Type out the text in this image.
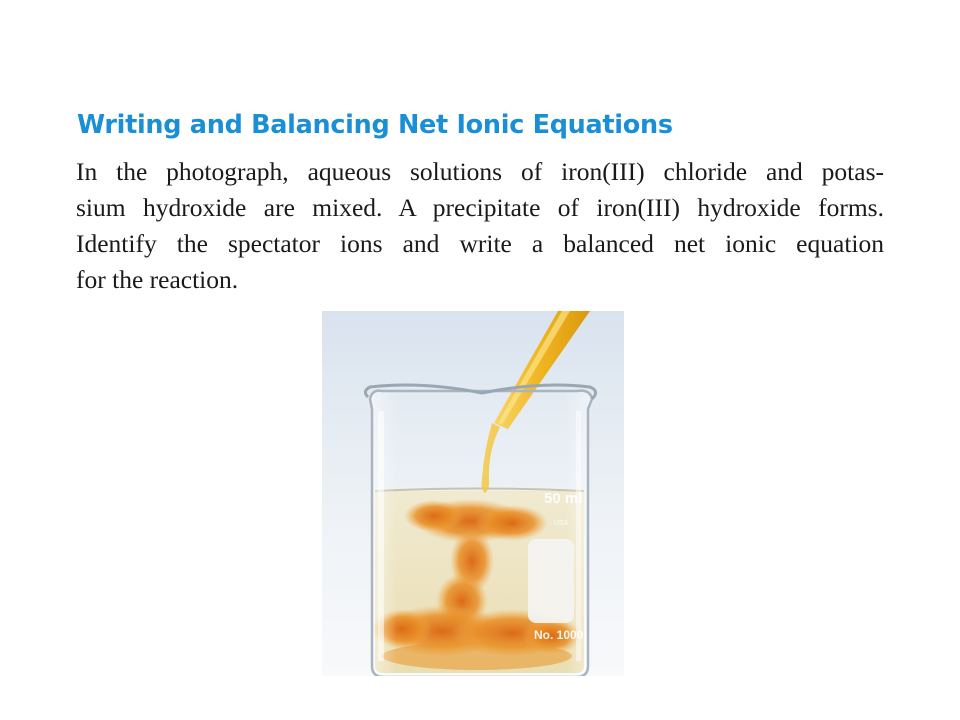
Writing and Balancing Net Ionic Equations

In the photograph, aqueous solutions of iron(III) chloride and potas-
sium hydroxide are mixed. A precipitate of iron(III) hydroxide forms.
Identify the spectator ions and write a balanced net ionic equation
for the reaction.

50 ml
USA
No. 1000
